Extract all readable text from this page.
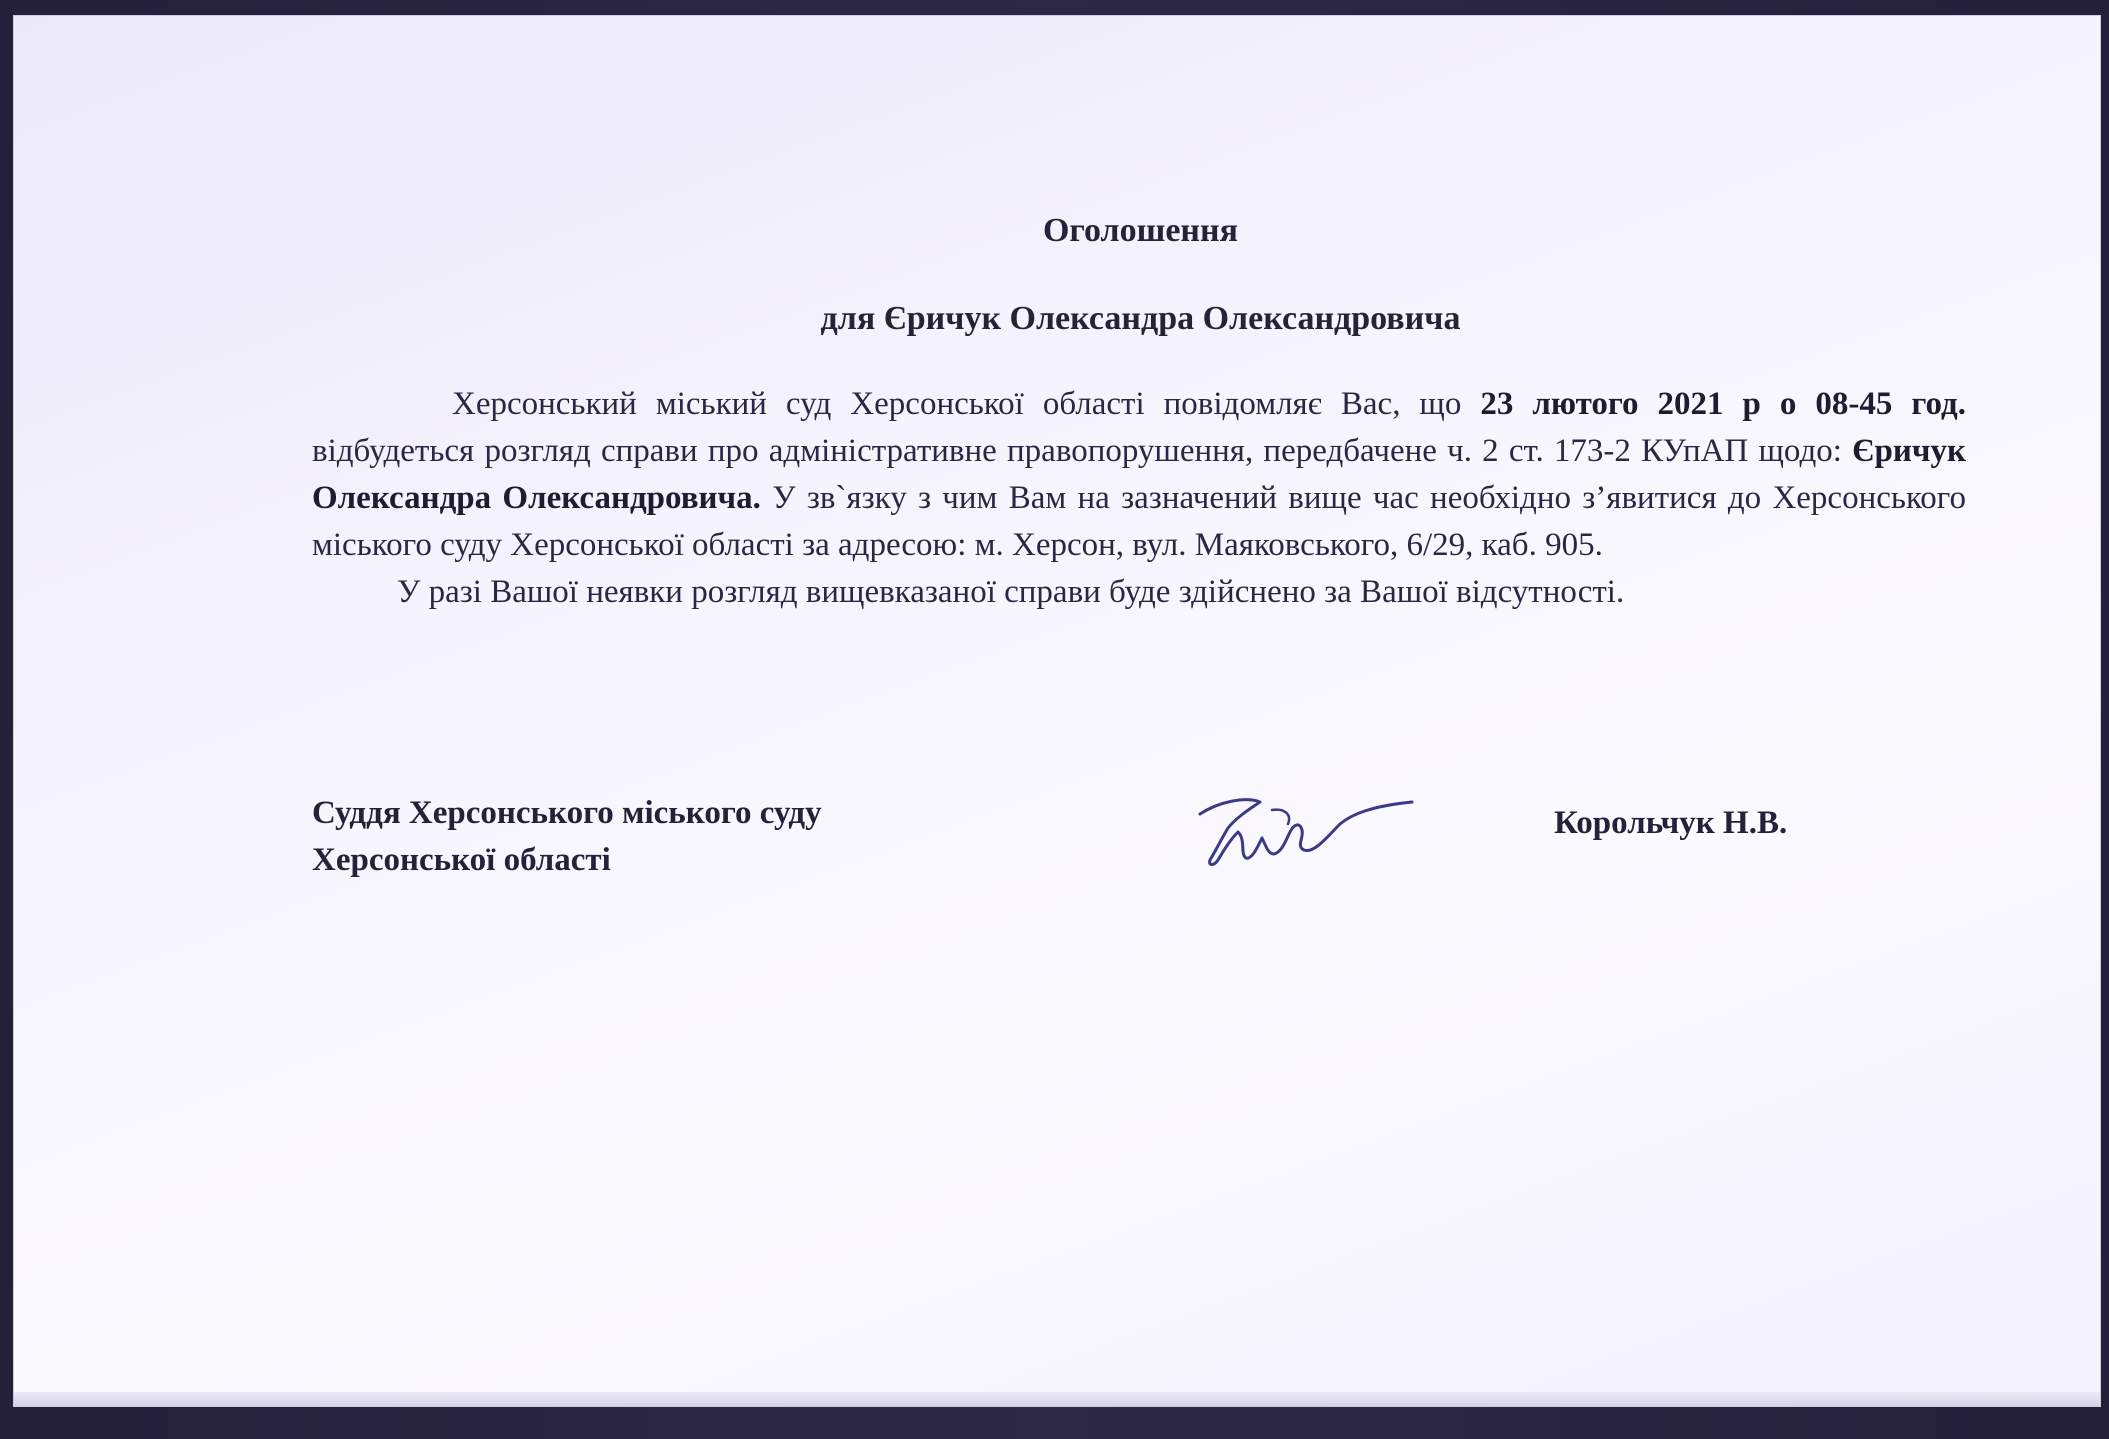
Оголошення
для Єричук Олександра Олександровича

Херсонський міський суд Херсонської області повідомляє Вас, що 23 лютого 2021 р о 08-45 год. відбудеться розгляд справи про адміністративне правопорушення, передбачене ч. 2 ст. 173-2 КУпАП щодо: Єричук Олександра Олександровича. У зв`язку з чим Вам на зазначений вище час необхідно з’явитися до Херсонського міського суду Херсонської області за адресою: м. Херсон, вул. Маяковського, 6/29, каб. 905.

У разі Вашої неявки розгляд вищевказаної справи буде здійснено за Вашої відсутності.

Суддя Херсонського міського суду
Херсонської області
Корольчук Н.В.
